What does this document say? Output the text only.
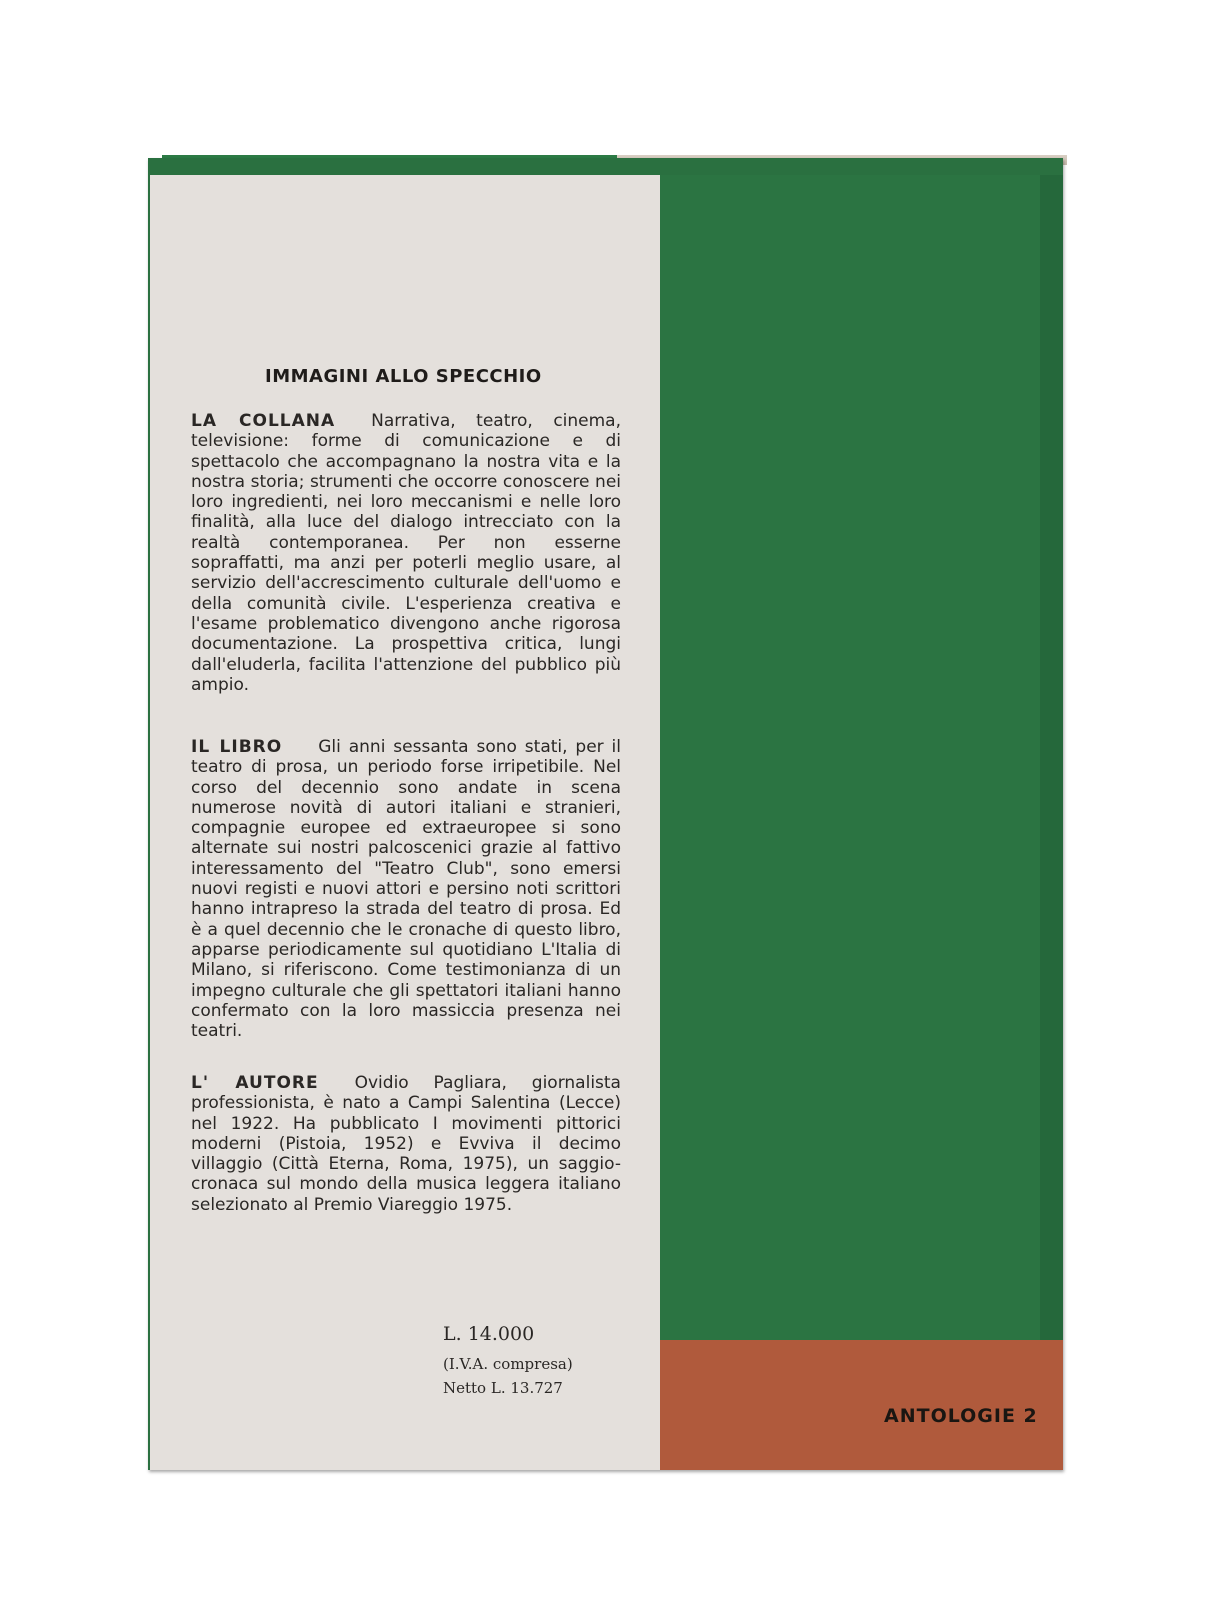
IMMAGINI ALLO SPECCHIO
LA COLLANA Narrativa, teatro, cinema, televisione: forme di comunicazione e di spettacolo che accompagnano la nostra vita e la nostra storia; strumenti che occorre conoscere nei loro ingredienti, nei loro meccanismi e nelle loro finalità, alla luce del dialogo intrecciato con la realtà contemporanea. Per non esserne sopraffatti, ma anzi per poterli meglio usare, al servizio dell'accrescimento culturale dell'uomo e della comunità civile. L'esperienza creativa e l'esame problematico divengono anche rigorosa documentazione. La prospettiva critica, lungi dall'eluderla, facilita l'attenzione del pubblico più ampio.
IL LIBRO Gli anni sessanta sono stati, per il teatro di prosa, un periodo forse irripetibile. Nel corso del decennio sono andate in scena numerose novità di autori italiani e stranieri, compagnie europee ed extraeuropee si sono alternate sui nostri palcoscenici grazie al fattivo interessamento del "Teatro Club", sono emersi nuovi registi e nuovi attori e persino noti scrittori hanno intrapreso la strada del teatro di prosa. Ed è a quel decennio che le cronache di questo libro, apparse periodicamente sul quotidiano L'Italia di Milano, si riferiscono. Come testimonianza di un impegno culturale che gli spettatori italiani hanno confermato con la loro massiccia presenza nei teatri.
L' AUTORE Ovidio Pagliara, giornalista professionista, è nato a Campi Salentina (Lecce) nel 1922. Ha pubblicato I movimenti pittorici moderni (Pistoia, 1952) e Evviva il decimo villaggio (Città Eterna, Roma, 1975), un saggio-cronaca sul mondo della musica leggera italiano selezionato al Premio Viareggio 1975.
L. 14.000
(I.V.A. compresa)
Netto L. 13.727
ANTOLOGIE 2
